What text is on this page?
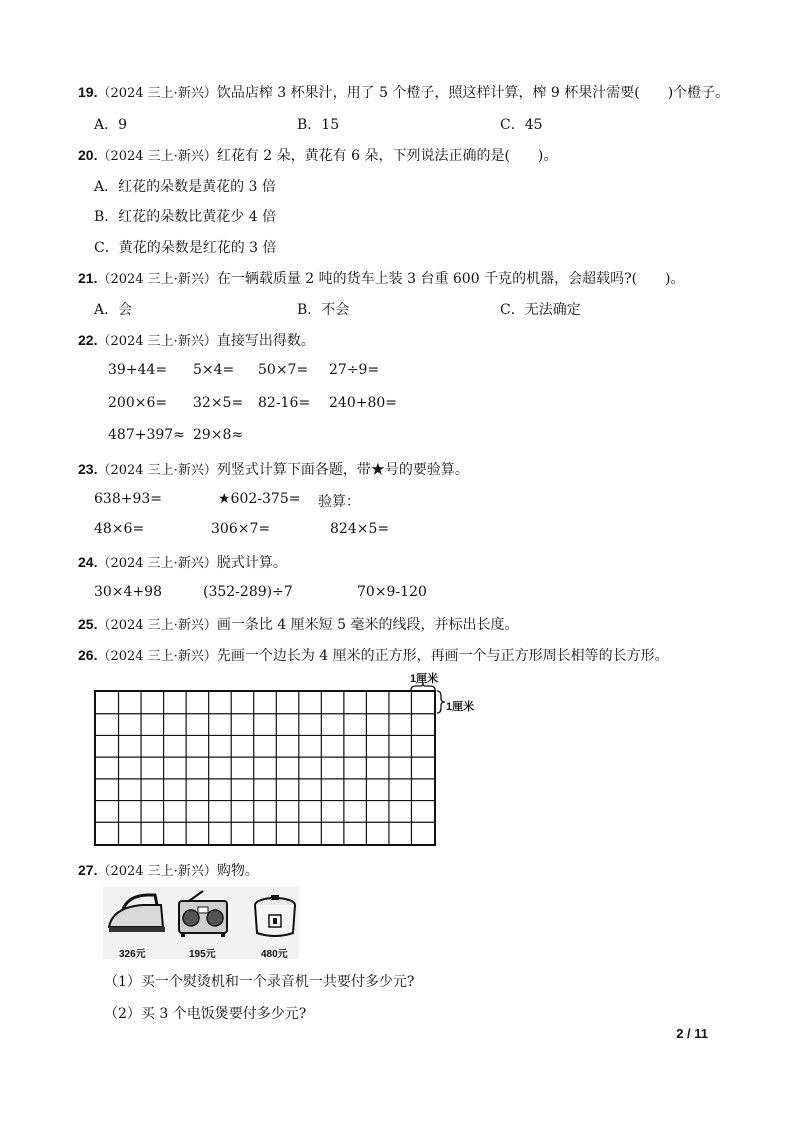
19.（2024 三上·新兴）饮品店榨 3 杯果汁，用了 5 个橙子，照这样计算，榨 9 杯果汁需要(　　)个橙子。
A．9	B．15	C．45
20.（2024 三上·新兴）红花有 2 朵，黄花有 6 朵，下列说法正确的是(　　)。
A．红花的朵数是黄花的 3 倍
B．红花的朵数比黄花少 4 倍
C．黄花的朵数是红花的 3 倍
21.（2024 三上·新兴）在一辆载质量 2 吨的货车上装 3 台重 600 千克的机器，会超载吗?(　　)。
A．会	B．不会	C．无法确定
22.（2024 三上·新兴）直接写出得数。
39+44= 5×4= 50×7= 27÷9=
200×6= 32×5= 82-16= 240+80=
487+397≈ 29×8≈
23.（2024 三上·新兴）列竖式计算下面各题，带★号的要验算。
638+93=	★602-375= 验算：
48×6=	306×7=	824×5=
24.（2024 三上·新兴）脱式计算。
30×4+98	(352-289)÷7	70×9-120
25.（2024 三上·新兴）画一条比 4 厘米短 5 毫米的线段，并标出长度。
26.（2024 三上·新兴）先画一个边长为 4 厘米的正方形，再画一个与正方形周长相等的长方形。
1厘米
1厘米
27.（2024 三上·新兴）购物。
326元	195元	480元
（1）买一个熨烫机和一个录音机一共要付多少元?
（2）买 3 个电饭煲要付多少元?
2 / 11
